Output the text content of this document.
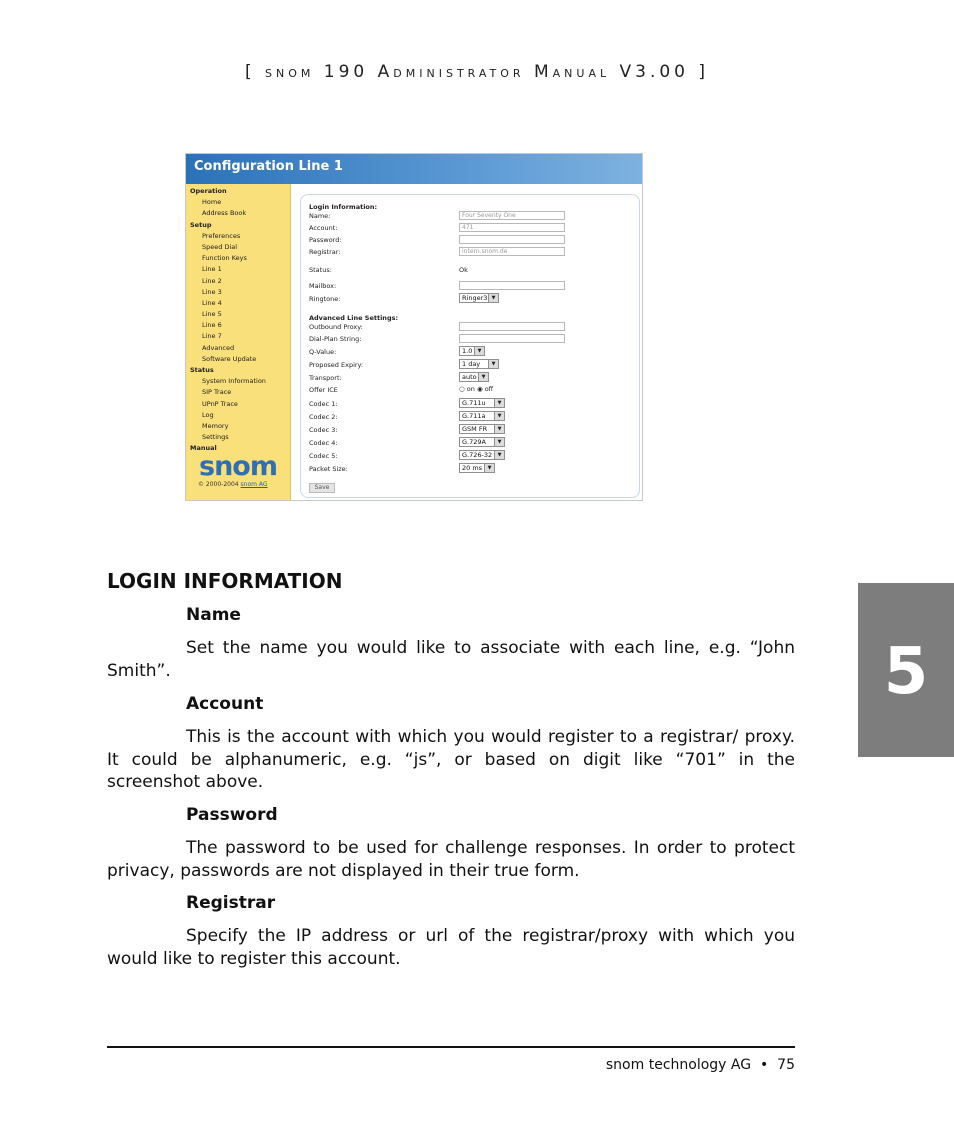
[ SNOM 190 ADMINISTRATOR MANUAL V3.00 ]
5
Configuration Line 1
Operation
Home
Address Book
Setup
Preferences
Speed Dial
Function Keys
Line 1
Line 2
Line 3
Line 4
Line 5
Line 6
Line 7
Advanced
Software Update
Status
System Information
SIP Trace
UPnP Trace
Log
Memory
Settings
Manual
snom
© 2000-2004 snom AG
Login Information:
Name:	Four Seventy One
Account:	471
Password:
Registrar:	intern.snom.de
Status:	Ok
Mailbox:
Ringtone:	Ringer3 ▼
Advanced Line Settings:
Outbound Proxy:
Dial-Plan String:
Q-Value:	1.0	▼
Proposed Expiry:	1 day	▼
Transport:	auto ▼
Offer ICE	○ on ◉ off
Codec 1:	G.711u	▼
Codec 2:	G.711a	▼
Codec 3:	GSM FR	▼
Codec 4:	G.729A	▼
Codec 5:	G.726-32	▼
Packet Size:	20 ms	▼
Save
LOGIN INFORMATION
Name
Set the name you would like to associate with each line, e.g. “John Smith”.
Account
This is the account with which you would register to a registrar/ proxy. It could be alphanumeric, e.g. “js”, or based on digit like “701” in the screenshot above.
Password
The password to be used for challenge responses. In order to protect privacy, passwords are not displayed in their true form.
Registrar
Specify the IP address or url of the registrar/proxy with which you would like to register this account.
snom technology AG • 75
